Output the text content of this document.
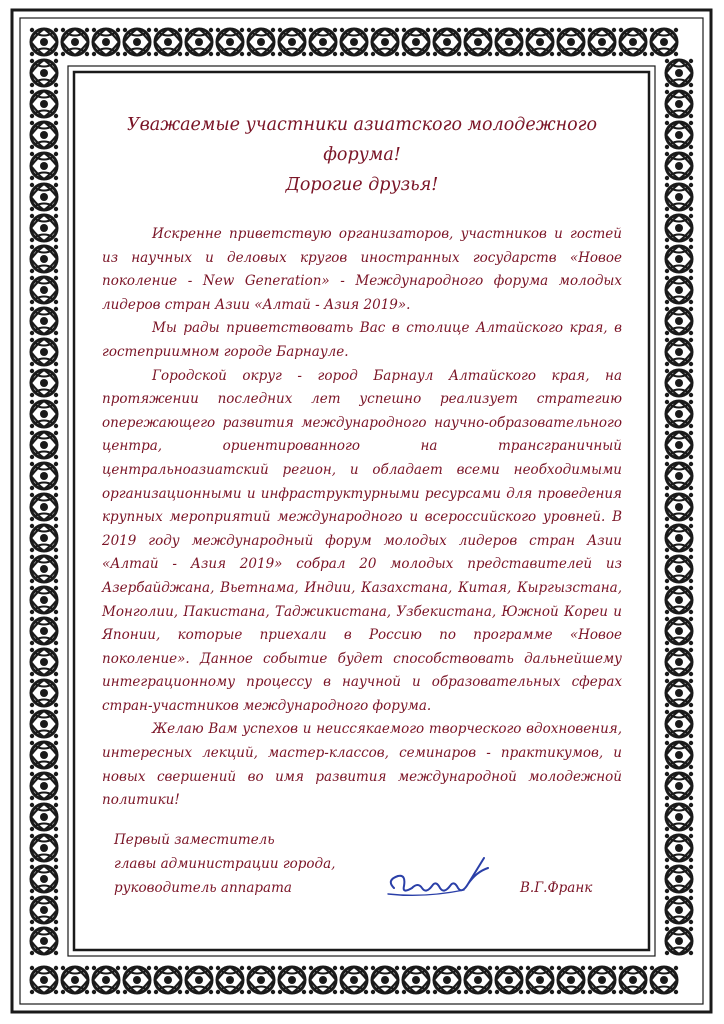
Уважаемые участники азиатского молодежного форума!
Дорогие друзья!

Искренне приветствую организаторов, участников и гостей из научных и деловых кругов иностранных государств «Новое поколение - New Generation» - Международного форума молодых лидеров стран Азии «Алтай - Азия 2019».

Мы рады приветствовать Вас в столице Алтайского края, в гостеприимном городе Барнауле.

Городской округ - город Барнаул Алтайского края, на протяжении последних лет успешно реализует стратегию опережающего развития международного научно-образовательного центра, ориентированного на трансграничный центральноазиатский регион, и обладает всеми необходимыми организационными и инфраструктурными ресурсами для проведения крупных мероприятий международного и всероссийского уровней. В 2019 году международный форум молодых лидеров стран Азии «Алтай - Азия 2019» собрал 20 молодых представителей из Азербайджана, Вьетнама, Индии, Казахстана, Китая, Кыргызстана, Монголии, Пакистана, Таджикистана, Узбекистана, Южной Кореи и Японии, которые приехали в Россию по программе «Новое поколение». Данное событие будет способствовать дальнейшему интеграционному процессу в научной и образовательных сферах стран-участников международного форума.

Желаю Вам успехов и неиссякаемого творческого вдохновения, интересных лекций, мастер-классов, семинаров - практикумов, и новых свершений во имя развития международной молодежной политики!

Первый заместитель
главы администрации города,
руководитель аппарата	В.Г.Франк
